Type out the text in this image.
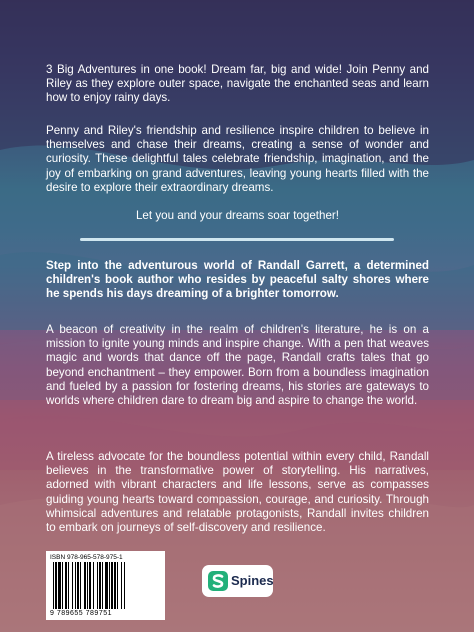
3 Big Adventures in one book! Dream far, big and wide! Join Penny and Riley as they explore outer space, navigate the enchanted seas and learn how to enjoy rainy days.

Penny and Riley's friendship and resilience inspire children to believe in themselves and chase their dreams, creating a sense of wonder and curiosity. These delightful tales celebrate friendship, imagination, and the joy of embarking on grand adventures, leaving young hearts filled with the desire to explore their extraordinary dreams.

Let you and your dreams soar together!

Step into the adventurous world of Randall Garrett, a determined children's book author who resides by peaceful salty shores where he spends his days dreaming of a brighter tomorrow.

A beacon of creativity in the realm of children's literature, he is on a mission to ignite young minds and inspire change. With a pen that weaves magic and words that dance off the page, Randall crafts tales that go beyond enchantment – they empower. Born from a boundless imagination and fueled by a passion for fostering dreams, his stories are gateways to worlds where children dare to dream big and aspire to change the world.

A tireless advocate for the boundless potential within every child, Randall believes in the transformative power of storytelling. His narratives, adorned with vibrant characters and life lessons, serve as compasses guiding young hearts toward compassion, courage, and curiosity. Through whimsical adventures and relatable protagonists, Randall invites children to embark on journeys of self-discovery and resilience.

ISBN 978-965-578-975-1
9 789655 789751
Spines
